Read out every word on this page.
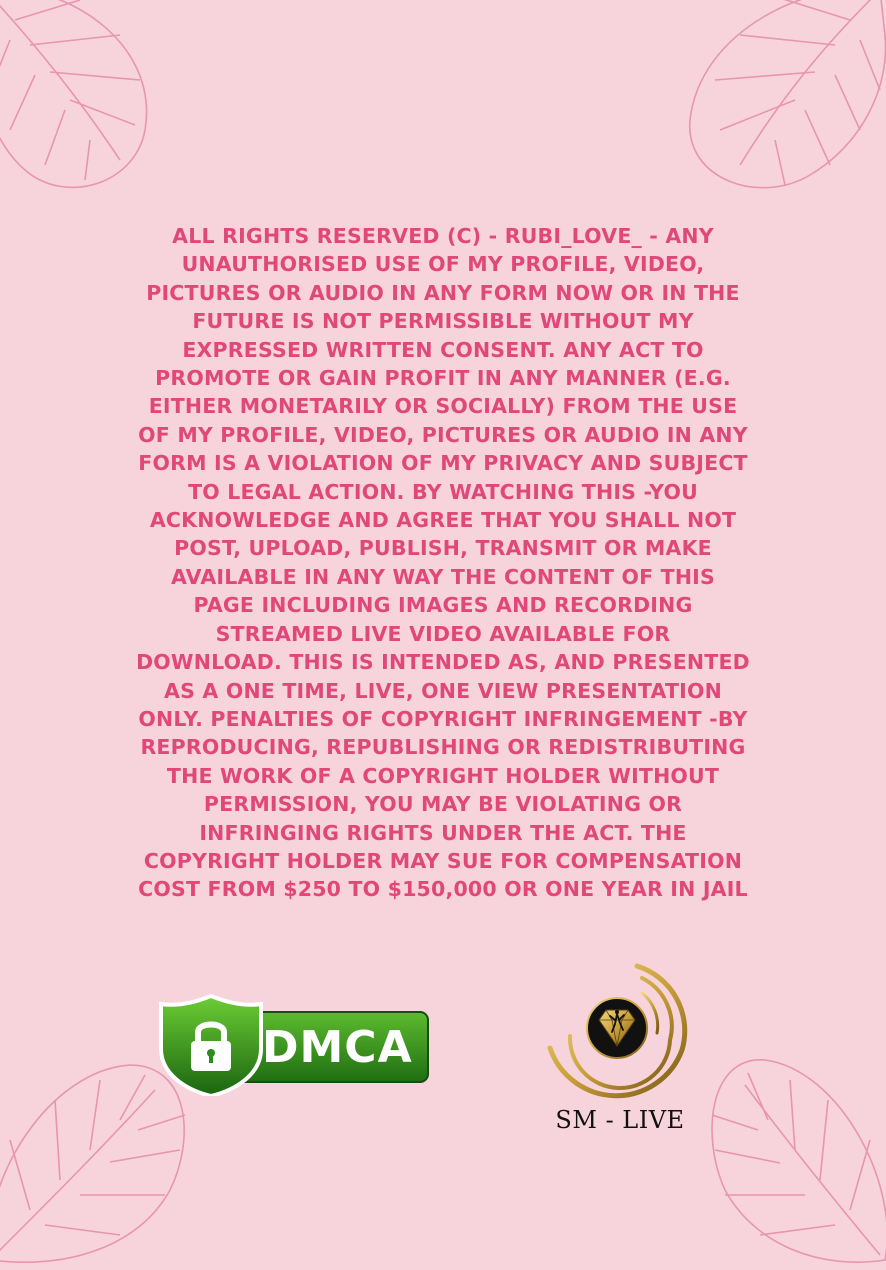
ALL RIGHTS RESERVED (C) - RUBI_LOVE_ - ANY
UNAUTHORISED USE OF MY PROFILE, VIDEO,
PICTURES OR AUDIO IN ANY FORM NOW OR IN THE
FUTURE IS NOT PERMISSIBLE WITHOUT MY
EXPRESSED WRITTEN CONSENT. ANY ACT TO
PROMOTE OR GAIN PROFIT IN ANY MANNER (E.G.
EITHER MONETARILY OR SOCIALLY) FROM THE USE
OF MY PROFILE, VIDEO, PICTURES OR AUDIO IN ANY
FORM IS A VIOLATION OF MY PRIVACY AND SUBJECT
TO LEGAL ACTION. BY WATCHING THIS -YOU
ACKNOWLEDGE AND AGREE THAT YOU SHALL NOT
POST, UPLOAD, PUBLISH, TRANSMIT OR MAKE
AVAILABLE IN ANY WAY THE CONTENT OF THIS
PAGE INCLUDING IMAGES AND RECORDING
STREAMED LIVE VIDEO AVAILABLE FOR
DOWNLOAD. THIS IS INTENDED AS, AND PRESENTED
AS A ONE TIME, LIVE, ONE VIEW PRESENTATION
ONLY. PENALTIES OF COPYRIGHT INFRINGEMENT -BY
REPRODUCING, REPUBLISHING OR REDISTRIBUTING
THE WORK OF A COPYRIGHT HOLDER WITHOUT
PERMISSION, YOU MAY BE VIOLATING OR
INFRINGING RIGHTS UNDER THE ACT. THE
COPYRIGHT HOLDER MAY SUE FOR COMPENSATION
COST FROM $250 TO $150,000 OR ONE YEAR IN JAIL
DMCA
SM - LIVE
